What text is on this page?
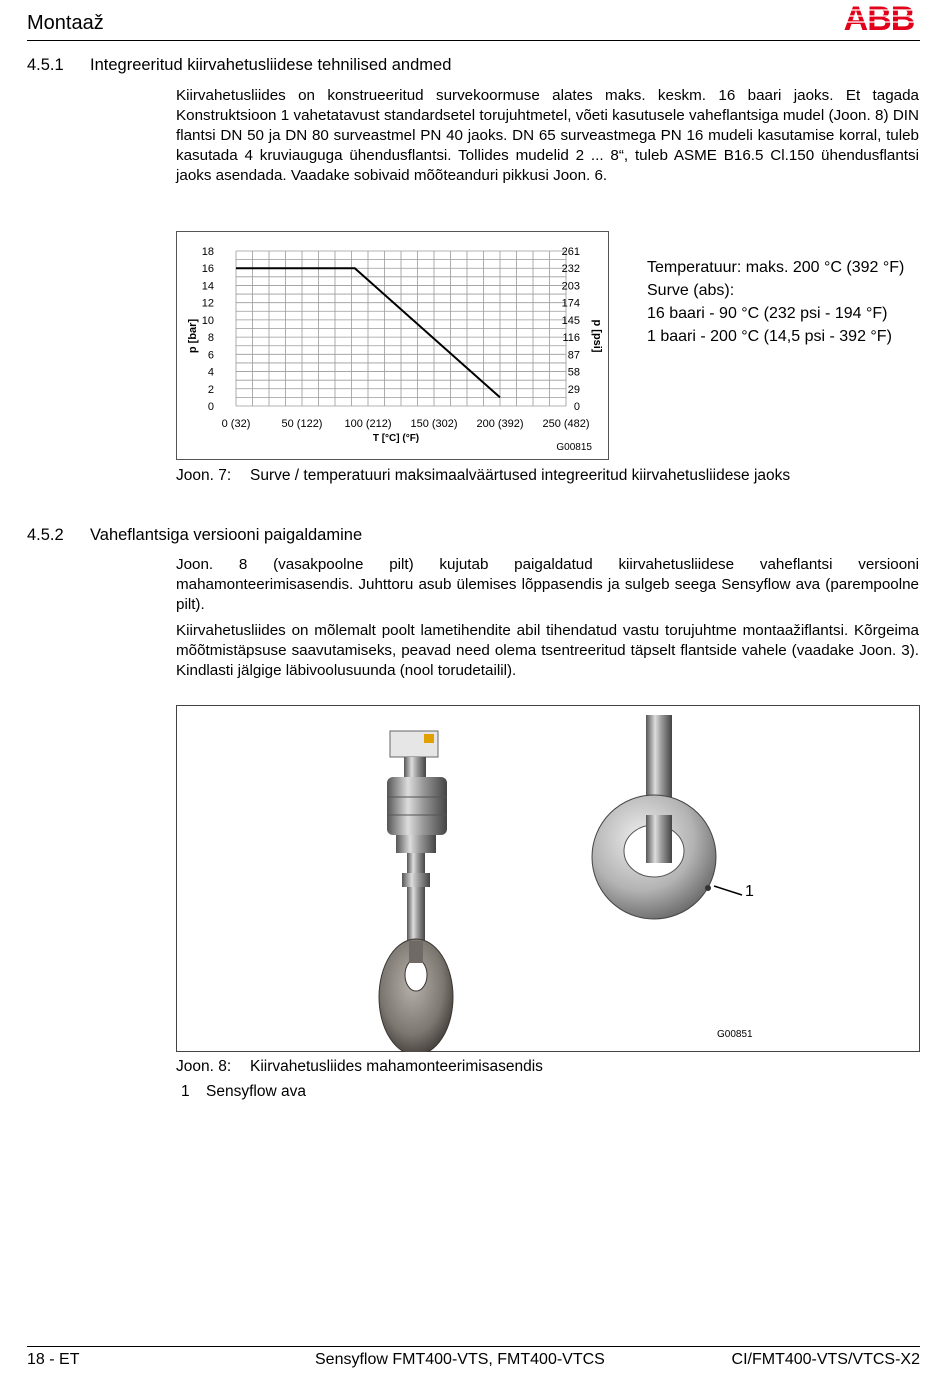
Montaaž	ABB
4.5.1 Integreeritud kiirvahetusliidese tehnilised andmed

Kiirvahetusliides on konstrueeritud survekoormuse alates maks. keskm. 16 baari jaoks. Et tagada Konstruktsioon 1 vahetatavust standardsetel torujuhtmetel, võeti kasutusele vaheflantsiga mudel (Joon. 8) DIN flantsi DN 50 ja DN 80 surveastmel PN 40 jaoks. DN 65 surveastmega PN 16 mudeli kasutamise korral, tuleb kasutada 4 kruviauguga ühendusflantsi. Tollides mudelid 2 ... 8“, tuleb ASME B16.5 Cl.150 ühendusflantsi jaoks asendada. Vaadake sobivaid mõõteanduri pikkusi Joon. 6.

0
2
4
6
8
10
12
14
16
18
0
29
58
87
116
145
174
203
232
261
0 (32)	50 (122) 100 (212) 150 (302) 200 (392) 250 (482)
p [bar]	p [psi]
T [°C] (°F)
G00815
Temperatuur: maks. 200 °C (392 °F)
Surve (abs):
16 baari - 90 °C (232 psi - 194 °F)
1 baari - 200 °C (14,5 psi - 392 °F)
Joon. 7: Surve / temperatuuri maksimaalväärtused integreeritud kiirvahetusliidese jaoks
4.5.2 Vaheflantsiga versiooni paigaldamine

Joon. 8 (vasakpoolne pilt) kujutab paigaldatud kiirvahetusliidese vaheflantsi versiooni mahamonteerimisasendis. Juhttoru asub ülemises lõppasendis ja sulgeb seega Sensyflow ava (parempoolne pilt).

Kiirvahetusliides on mõlemalt poolt lametihendite abil tihendatud vastu torujuhtme montaažiflantsi. Kõrgeima mõõtmistäpsuse saavutamiseks, peavad need olema tsentreeritud täpselt flantside vahele (vaadake Joon. 3). Kindlasti jälgige läbivoolusuunda (nool torudetailil).

1
G00851
Joon. 8: Kiirvahetusliides mahamonteerimisasendis
1 Sensyflow ava
18 - ET	Sensyflow FMT400-VTS, FMT400-VTCS	CI/FMT400-VTS/VTCS-X2
